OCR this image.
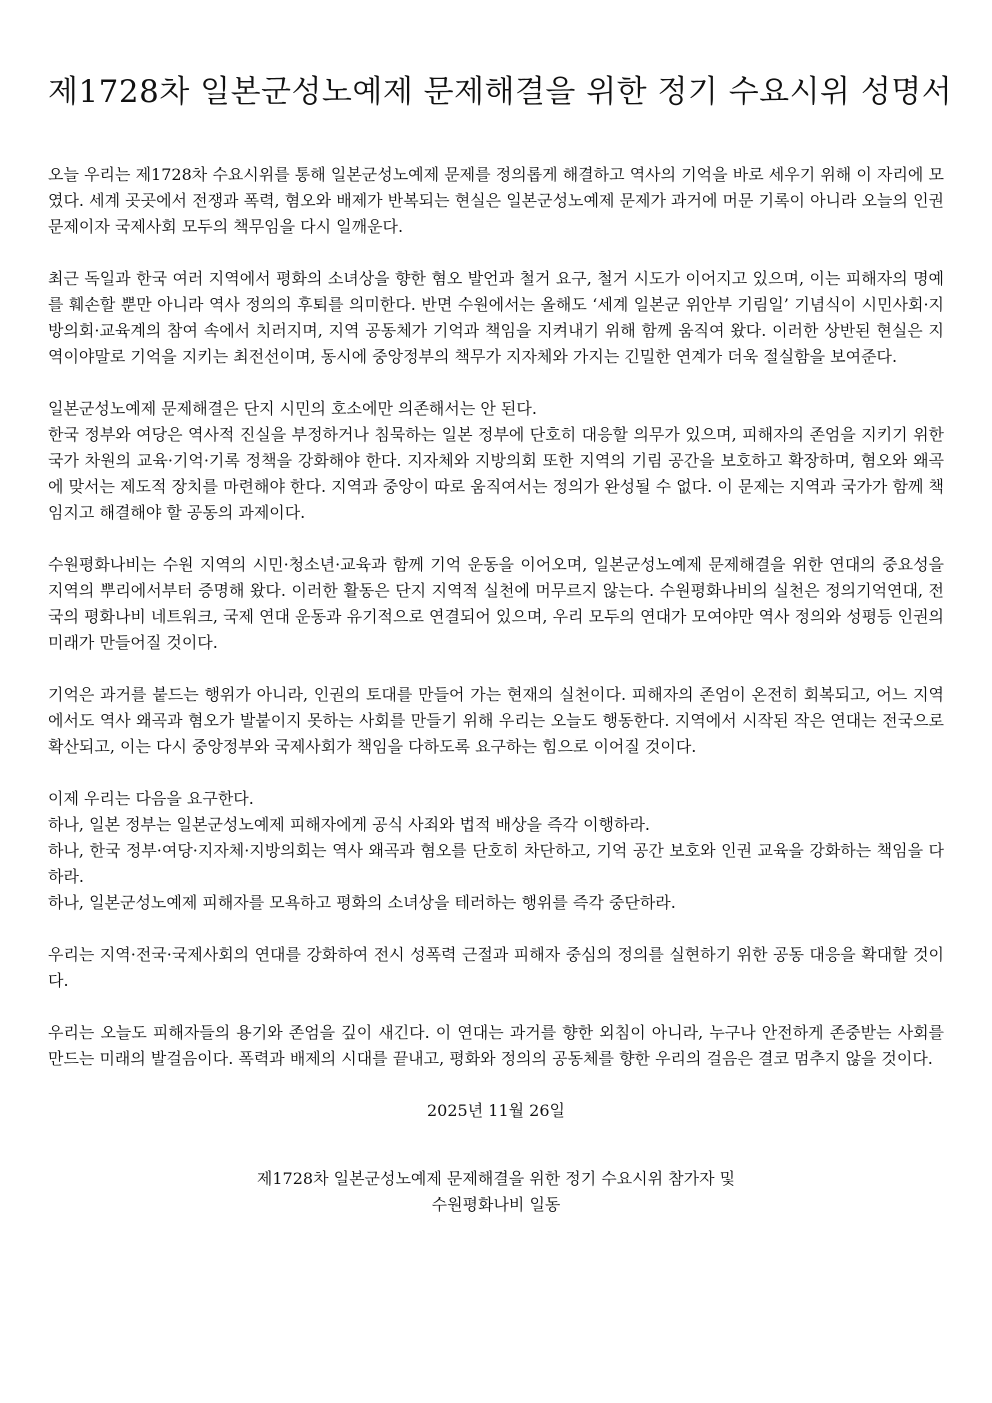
제1728차 일본군성노예제 문제해결을 위한 정기 수요시위 성명서

오늘 우리는 제1728차 수요시위를 통해 일본군성노예제 문제를 정의롭게 해결하고 역사의 기억을 바로 세우기 위해 이 자리에 모였다. 세계 곳곳에서 전쟁과 폭력, 혐오와 배제가 반복되는 현실은 일본군성노예제 문제가 과거에 머문 기록이 아니라 오늘의 인권 문제이자 국제사회 모두의 책무임을 다시 일깨운다.

최근 독일과 한국 여러 지역에서 평화의 소녀상을 향한 혐오 발언과 철거 요구, 철거 시도가 이어지고 있으며, 이는 피해자의 명예를 훼손할 뿐만 아니라 역사 정의의 후퇴를 의미한다. 반면 수원에서는 올해도 ‘세계 일본군 위안부 기림일’ 기념식이 시민사회·지방의회·교육계의 참여 속에서 치러지며, 지역 공동체가 기억과 책임을 지켜내기 위해 함께 움직여 왔다. 이러한 상반된 현실은 지역이야말로 기억을 지키는 최전선이며, 동시에 중앙정부의 책무가 지자체와 가지는 긴밀한 연계가 더욱 절실함을 보여준다.

일본군성노예제 문제해결은 단지 시민의 호소에만 의존해서는 안 된다.
한국 정부와 여당은 역사적 진실을 부정하거나 침묵하는 일본 정부에 단호히 대응할 의무가 있으며, 피해자의 존엄을 지키기 위한 국가 차원의 교육·기억·기록 정책을 강화해야 한다. 지자체와 지방의회 또한 지역의 기림 공간을 보호하고 확장하며, 혐오와 왜곡에 맞서는 제도적 장치를 마련해야 한다. 지역과 중앙이 따로 움직여서는 정의가 완성될 수 없다. 이 문제는 지역과 국가가 함께 책임지고 해결해야 할 공동의 과제이다.

수원평화나비는 수원 지역의 시민·청소년·교육과 함께 기억 운동을 이어오며, 일본군성노예제 문제해결을 위한 연대의 중요성을 지역의 뿌리에서부터 증명해 왔다. 이러한 활동은 단지 지역적 실천에 머무르지 않는다. 수원평화나비의 실천은 정의기억연대, 전국의 평화나비 네트워크, 국제 연대 운동과 유기적으로 연결되어 있으며, 우리 모두의 연대가 모여야만 역사 정의와 성평등 인권의 미래가 만들어질 것이다.

기억은 과거를 붙드는 행위가 아니라, 인권의 토대를 만들어 가는 현재의 실천이다. 피해자의 존엄이 온전히 회복되고, 어느 지역에서도 역사 왜곡과 혐오가 발붙이지 못하는 사회를 만들기 위해 우리는 오늘도 행동한다. 지역에서 시작된 작은 연대는 전국으로 확산되고, 이는 다시 중앙정부와 국제사회가 책임을 다하도록 요구하는 힘으로 이어질 것이다.

이제 우리는 다음을 요구한다.
하나, 일본 정부는 일본군성노예제 피해자에게 공식 사죄와 법적 배상을 즉각 이행하라.
하나, 한국 정부·여당·지자체·지방의회는 역사 왜곡과 혐오를 단호히 차단하고, 기억 공간 보호와 인권 교육을 강화하는 책임을 다하라.
하나, 일본군성노예제 피해자를 모욕하고 평화의 소녀상을 테러하는 행위를 즉각 중단하라.

우리는 지역·전국·국제사회의 연대를 강화하여 전시 성폭력 근절과 피해자 중심의 정의를 실현하기 위한 공동 대응을 확대할 것이다.

우리는 오늘도 피해자들의 용기와 존엄을 깊이 새긴다. 이 연대는 과거를 향한 외침이 아니라, 누구나 안전하게 존중받는 사회를 만드는 미래의 발걸음이다. 폭력과 배제의 시대를 끝내고, 평화와 정의의 공동체를 향한 우리의 걸음은 결코 멈추지 않을 것이다.

2025년 11월 26일
제1728차 일본군성노예제 문제해결을 위한 정기 수요시위 참가자 및
수원평화나비 일동
